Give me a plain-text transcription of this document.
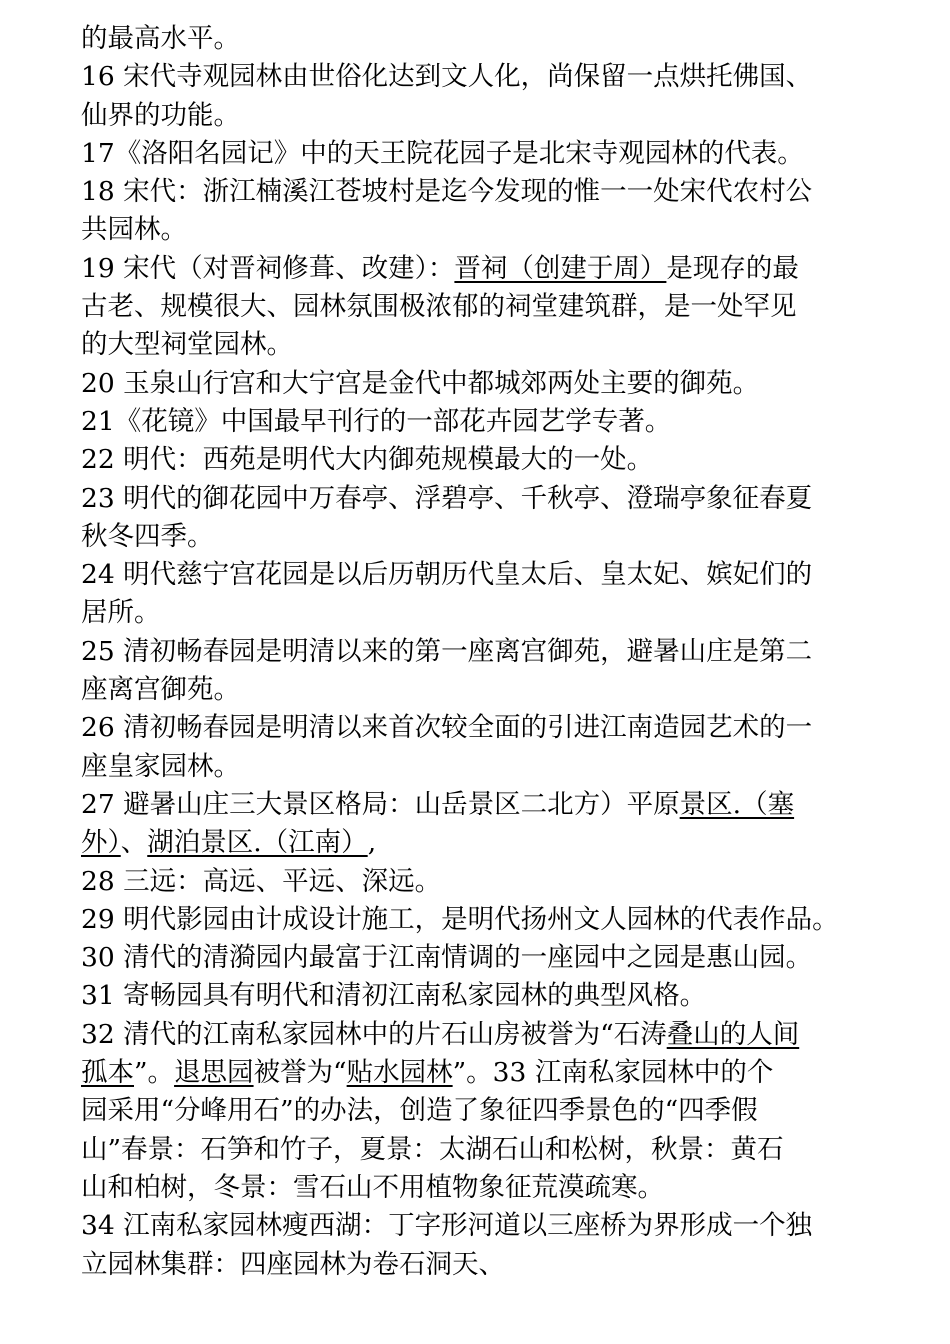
的最高水平。
16 宋代寺观园林由世俗化达到文人化，尚保留一点烘托佛国、
仙界的功能。
17《洛阳名园记》中的天王院花园子是北宋寺观园林的代表。
18 宋代：浙江楠溪江苍坡村是迄今发现的惟一一处宋代农村公
共园林。
19 宋代（对晋祠修葺、改建）：晋祠（创建于周）是现存的最
古老、规模很大、园林氛围极浓郁的祠堂建筑群，是一处罕见
的大型祠堂园林。
20 玉泉山行宫和大宁宫是金代中都城郊两处主要的御苑。
21《花镜》中国最早刊行的一部花卉园艺学专著。
22 明代：西苑是明代大内御苑规模最大的一处。
23 明代的御花园中万春亭、浮碧亭、千秋亭、澄瑞亭象征春夏
秋冬四季。
24 明代慈宁宫花园是以后历朝历代皇太后、皇太妃、嫔妃们的
居所。
25 清初畅春园是明清以来的第一座离宫御苑，避暑山庄是第二
座离宫御苑。
26 清初畅春园是明清以来首次较全面的引进江南造园艺术的一
座皇家园林。
27 避暑山庄三大景区格局：山岳景区二北方）平原景区.（塞
外）、湖泊景区.（江南）,
28 三远：高远、平远、深远。
29 明代影园由计成设计施工，是明代扬州文人园林的代表作品。
30 清代的清漪园内最富于江南情调的一座园中之园是惠山园。
31 寄畅园具有明代和清初江南私家园林的典型风格。
32 清代的江南私家园林中的片石山房被誉为“石涛叠山的人间
孤本”。退思园被誉为“贴水园林”。33 江南私家园林中的个
园采用“分峰用石”的办法，创造了象征四季景色的“四季假
山”春景：石笋和竹子，夏景：太湖石山和松树，秋景：黄石
山和柏树，冬景：雪石山不用植物象征荒漠疏寒。
34 江南私家园林瘦西湖：丁字形河道以三座桥为界形成一个独
立园林集群：四座园林为卷石洞天、
